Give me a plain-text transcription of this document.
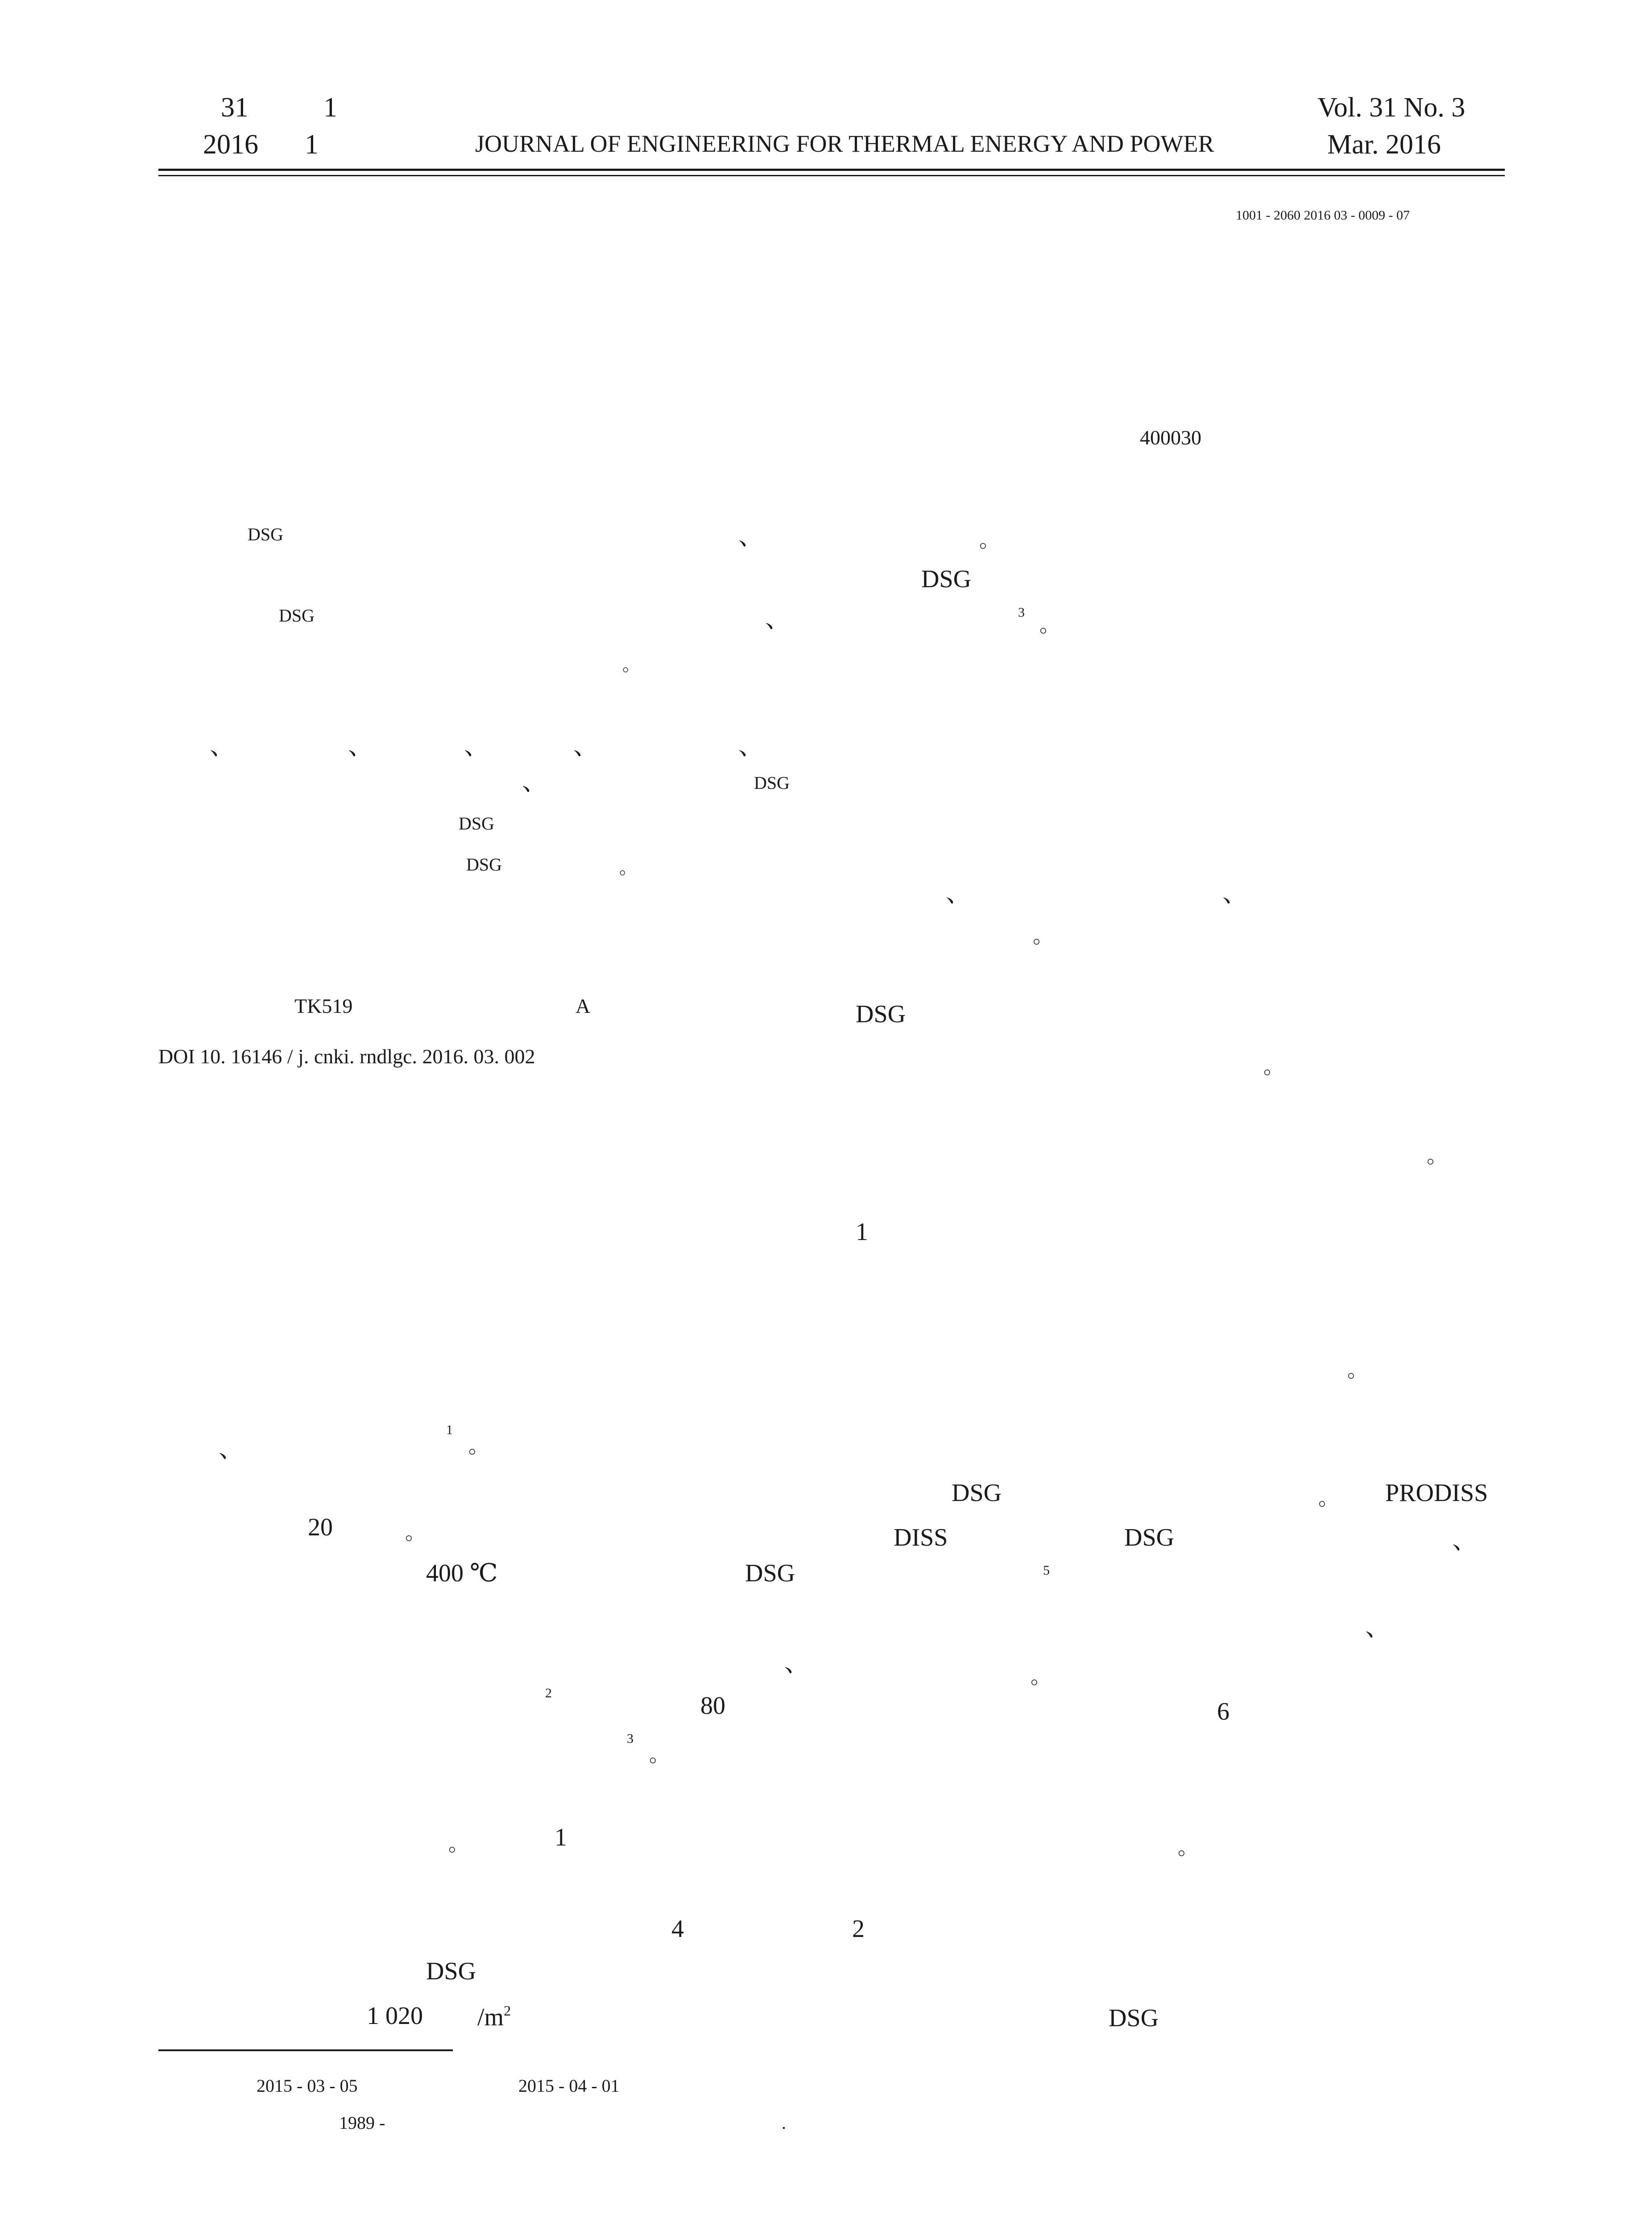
31	1
2016 1	JOURNAL OF ENGINEERING FOR THERMAL ENERGY AND POWER
Vol. 31 No. 3
Mar. 2016
1001 - 2060 2016 03 - 0009 - 07
400030
DSG	、	。
DSG
DSG	、	3
。
。
、	、	、	、	、
、	DSG
DSG
DSG	。
、	、
。
TK519	A
DOI 10. 16146 / j. cnki. rndlgc. 2016. 03. 002
DSG
。
。
1
。
、
1
。
DSG	。 PRODISS
20	。	DISS	DSG	、
400 ℃	DSG	5
、
、	。
2	80	6
3
。
。	1	。
4	2
DSG
1 020 $/m^2$	DSG
2015 - 03 - 05	2015 - 04 - 01
1989 -	.
